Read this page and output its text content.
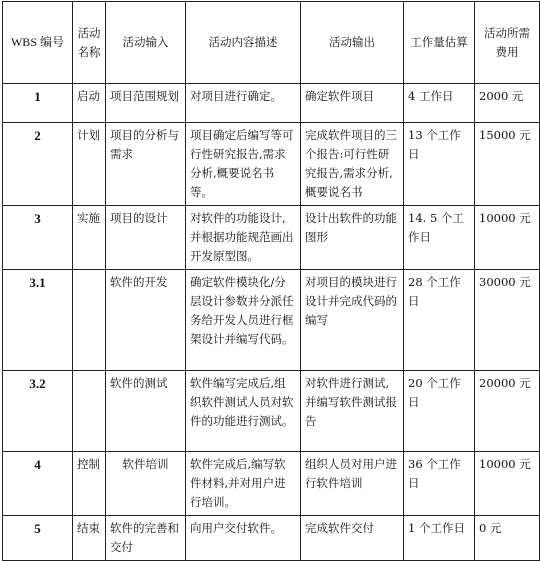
WBS 编号	活动名称	活动输入	活动内容描述	活动输出	工作量估算	活动所需费用
1	启动	项目范围规划	对项目进行确定。	确定软件项目	4 工作日	2000 元
2	计划	项目的分析与需求	项目确定后编写等可行性研究报告,需求分析,概要说名书等。	完成软件项目的三个报告:可行性研究报告,需求分析,概要说名书	13 个工作日	15000 元
3	实施	项目的设计	对软件的功能设计,并根据功能规范画出开发原型图。	设计出软件的功能图形	14. 5 个工作日	10000 元
3.1		软件的开发	确定软件模块化/分层设计参数并分派任务给开发人员进行框架设计并编写代码。	对项目的模块进行设计并完成代码的编写	28 个工作日	30000 元
3.2		软件的测试	软件编写完成后,组织软件测试人员对软件的功能进行测试。	对软件进行测试,并编写软件测试报告	20 个工作日	20000 元
4	控制	软件培训	软件完成后,编写软件材料,并对用户进行培训。	组织人员对用户进行软件培训	36 个工作日	10000 元
5	结束	软件的完善和交付	向用户交付软件。	完成软件交付	1 个工作日	0 元
